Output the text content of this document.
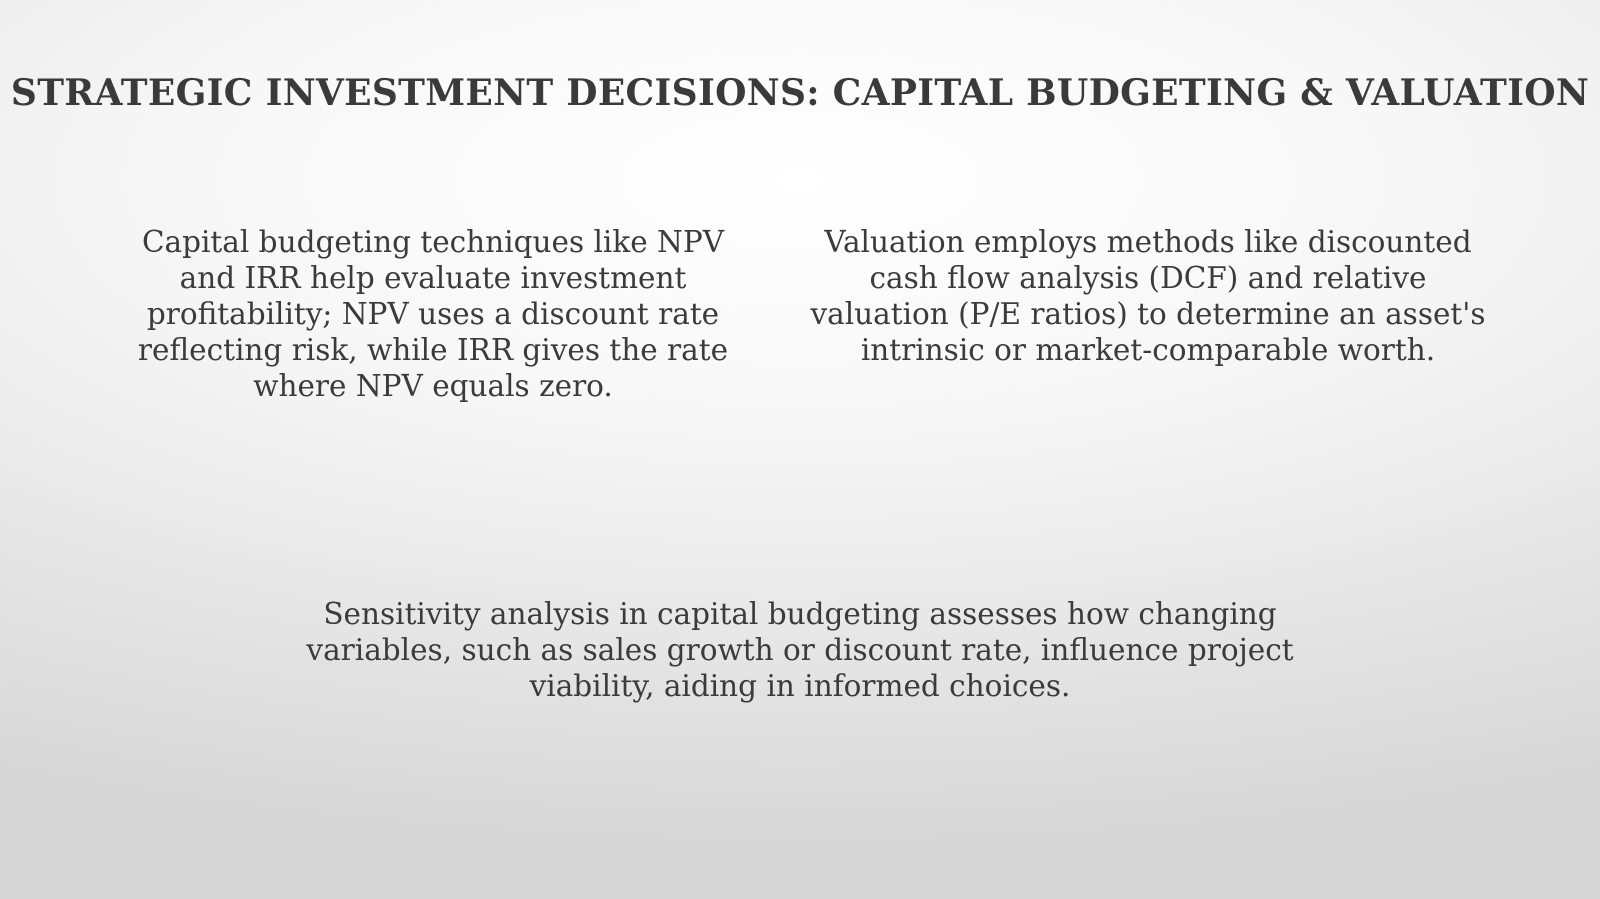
STRATEGIC INVESTMENT DECISIONS: CAPITAL BUDGETING & VALUATION

Capital budgeting techniques like NPV and IRR help evaluate investment profitability; NPV uses a discount rate reflecting risk, while IRR gives the rate where NPV equals zero.

Valuation employs methods like discounted cash flow analysis (DCF) and relative valuation (P/E ratios) to determine an asset's intrinsic or market-comparable worth.

Sensitivity analysis in capital budgeting assesses how changing variables, such as sales growth or discount rate, influence project viability, aiding in informed choices.
